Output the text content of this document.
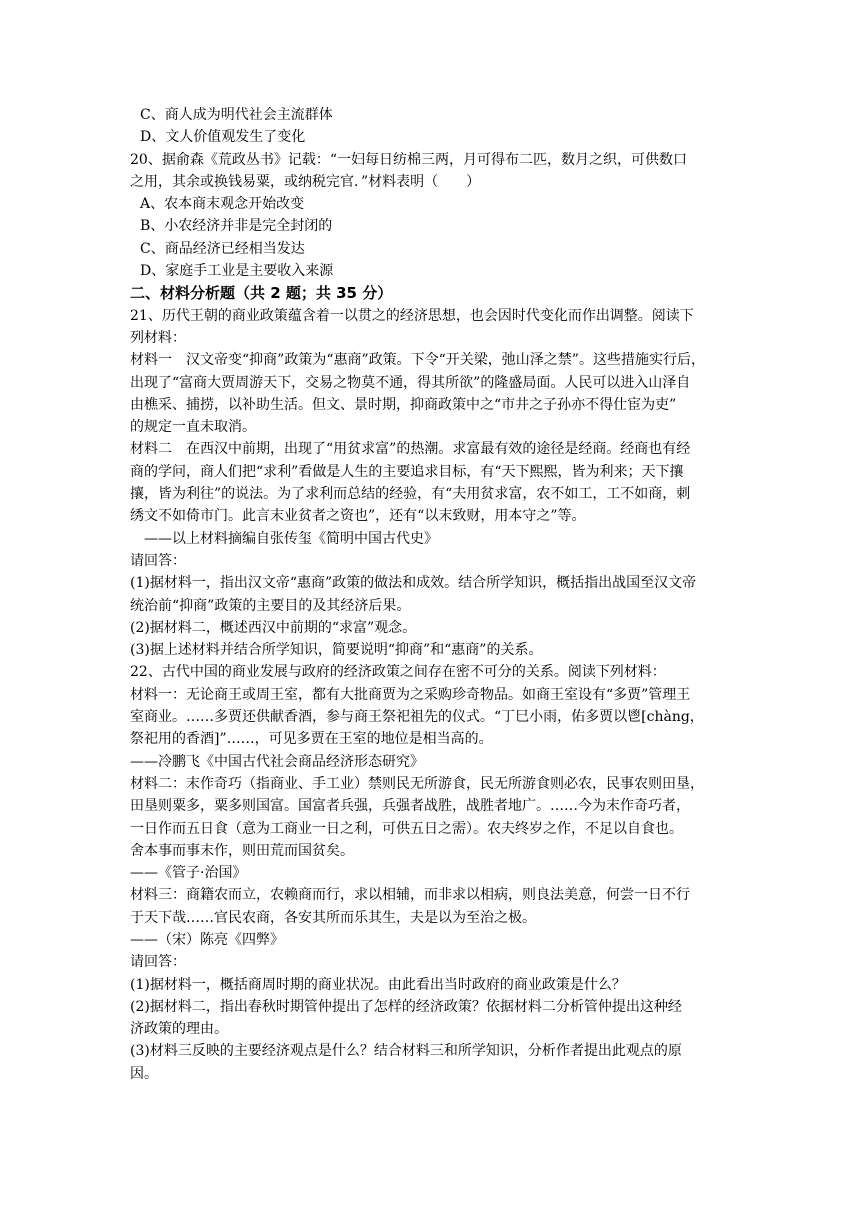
C、商人成为明代社会主流群体
D、文人价值观发生了变化
20、据俞森《荒政丛书》记载：“一妇每日纺棉三两，月可得布二匹，数月之织，可供数口
之用，其余或换钱易粟，或纳税完官．”材料表明（　　）
A、农本商末观念开始改变
B、小农经济并非是完全封闭的
C、商品经济已经相当发达
D、家庭手工业是主要收入来源
二、材料分析题（共 2 题；共 35 分）
21、历代王朝的商业政策蕴含着一以贯之的经济思想，也会因时代变化而作出调整。阅读下
列材料：
材料一　汉文帝变“抑商”政策为“惠商”政策。下令“开关梁，弛山泽之禁”。这些措施实行后，
出现了“富商大贾周游天下，交易之物莫不通，得其所欲”的隆盛局面。人民可以进入山泽自
由樵采、捕捞，以补助生活。但文、景时期，抑商政策中之“市井之子孙亦不得仕宦为吏”
的规定一直未取消。
材料二　在西汉中前期，出现了“用贫求富”的热潮。求富最有效的途径是经商。经商也有经
商的学问，商人们把“求利”看做是人生的主要追求目标，有“天下熙熙，皆为利来；天下攘
攘，皆为利往”的说法。为了求利而总结的经验，有“夫用贫求富，农不如工，工不如商，刺
绣文不如倚市门。此言末业贫者之资也”，还有“以末致财，用本守之”等。
　——以上材料摘编自张传玺《简明中国古代史》
请回答：
(1)据材料一，指出汉文帝“惠商”政策的做法和成效。结合所学知识，概括指出战国至汉文帝
统治前“抑商”政策的主要目的及其经济后果。
(2)据材料二，概述西汉中前期的“求富”观念。
(3)据上述材料并结合所学知识，简要说明“抑商”和“惠商”的关系。
22、古代中国的商业发展与政府的经济政策之间存在密不可分的关系。阅读下列材料：
材料一：无论商王或周王室，都有大批商贾为之采购珍奇物品。如商王室设有“多贾”管理王
室商业。……多贾还供献香酒，参与商王祭祀祖先的仪式。“丁巳小雨，佑多贾以鬯[chàng，
祭祀用的香酒]”……，可见多贾在王室的地位是相当高的。
——冷鹏飞《中国古代社会商品经济形态研究》
材料二：末作奇巧（指商业、手工业）禁则民无所游食，民无所游食则必农，民事农则田垦，
田垦则粟多，粟多则国富。国富者兵强，兵强者战胜，战胜者地广。……今为末作奇巧者，
一日作而五日食（意为工商业一日之利，可供五日之需）。农夫终岁之作，不足以自食也。
舍本事而事末作，则田荒而国贫矣。
——《管子·治国》
材料三：商籍农而立，农赖商而行，求以相辅，而非求以相病，则良法美意，何尝一日不行
于天下哉……官民农商，各安其所而乐其生，夫是以为至治之极。
——（宋）陈亮《四弊》
请回答：
(1)据材料一，概括商周时期的商业状况。由此看出当时政府的商业政策是什么？
(2)据材料二，指出春秋时期管仲提出了怎样的经济政策？依据材料二分析管仲提出这种经
济政策的理由。
(3)材料三反映的主要经济观点是什么？结合材料三和所学知识，分析作者提出此观点的原
因。
